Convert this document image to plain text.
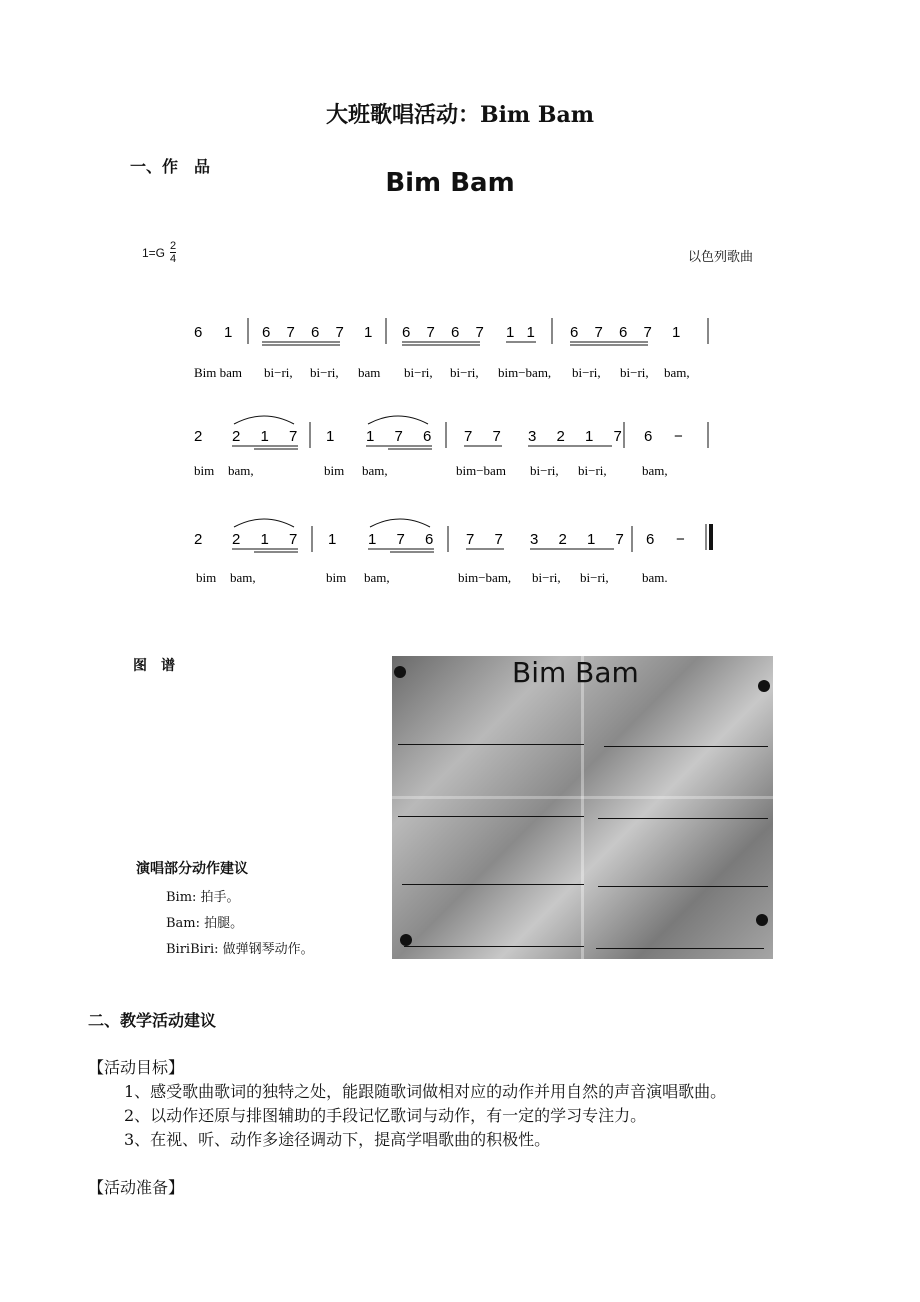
大班歌唱活动：Bim Bam
一、作　品
Bim Bam
$1=G \frac{2}{4}$	以色列歌曲
6 1 6 7 6 7 1 6 7 6 7 1 1 6 7 6 7 1
Bim bam bi−ri, bi−ri, bam bi−ri, bi−ri, bim−bam, bi−ri, bi−ri, bam,
2 2 1 7 1 1 7 6 7 7 3 2 1 7 6 −
bim bam,	bim bam,	bim−bam bi−ri, bi−ri,	bam,
2 2 1 7 1 1 7 6 7 7 3 2 1 7 6 −
bim bam,	bim bam,	bim−bam, bi−ri, bi−ri,	bam.
图　谱	Bim Bam
演唱部分动作建议
Bim: 拍手。
Bam: 拍腿。
BiriBiri: 做弹钢琴动作。
二、教学活动建议
【活动目标】
1、感受歌曲歌词的独特之处，能跟随歌词做相对应的动作并用自然的声音演唱歌曲。
2、以动作还原与排图辅助的手段记忆歌词与动作，有一定的学习专注力。
3、在视、听、动作多途径调动下，提高学唱歌曲的积极性。
【活动准备】
